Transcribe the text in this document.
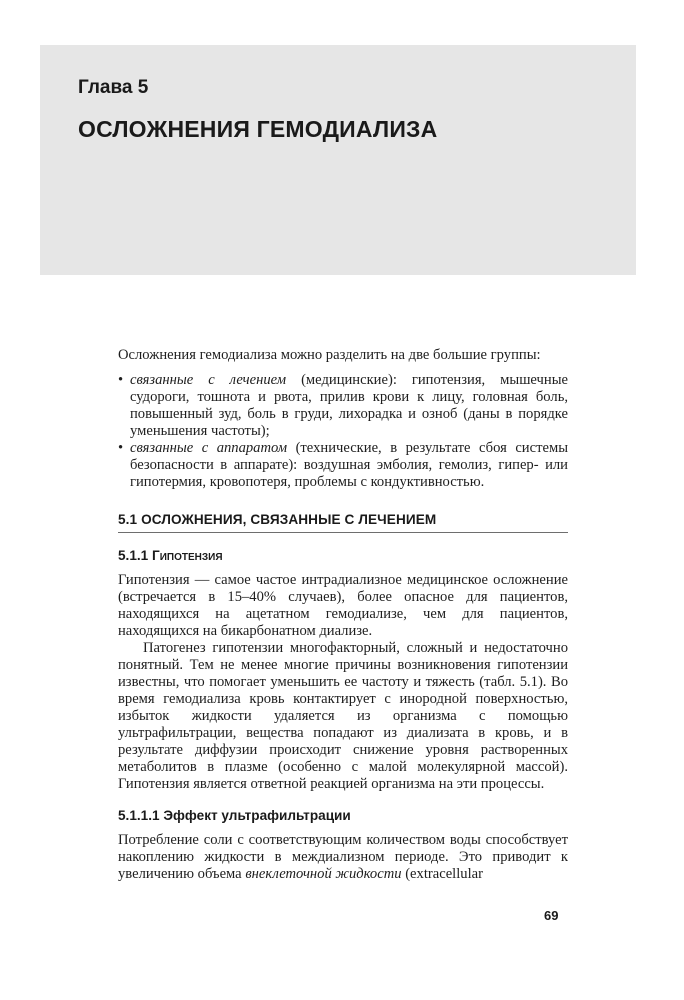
Глава 5
ОСЛОЖНЕНИЯ ГЕМОДИАЛИЗА

Осложнения гемодиализа можно разделить на две большие группы:

• связанные с лечением (медицинские): гипотензия, мышечные судороги, тошнота и рвота, прилив крови к лицу, головная боль, повышенный зуд, боль в груди, лихорадка и озноб (даны в порядке уменьшения частоты);
• связанные с аппаратом (технические, в результате сбоя системы безопасности в аппарате): воздушная эмболия, гемолиз, гипер- или гипотермия, кровопотеря, проблемы с кондуктивностью.
5.1 ОСЛОЖНЕНИЯ, СВЯЗАННЫЕ С ЛЕЧЕНИЕМ
5.1.1 Гипотензия

Гипотензия — самое частое интрадиализное медицинское осложнение (встречается в 15–40% случаев), более опасное для пациентов, находящихся на ацетатном гемодиализе, чем для пациентов, находящихся на бикарбонатном диализе.

Патогенез гипотензии многофакторный, сложный и недостаточно понятный. Тем не менее многие причины возникновения гипотензии известны, что помогает уменьшить ее частоту и тяжесть (табл. 5.1). Во время гемодиализа кровь контактирует с инородной поверхностью, избыток жидкости удаляется из организма с помощью ультрафильтрации, вещества попадают из диализата в кровь, и в результате диффузии происходит снижение уровня растворенных метаболитов в плазме (особенно с малой молекулярной массой). Гипотензия является ответной реакцией организма на эти процессы.

5.1.1.1 Эффект ультрафильтрации

Потребление соли с соответствующим количеством воды способствует накоплению жидкости в междиализном периоде. Это приводит к увеличению объема внеклеточной жидкости (extracellular

69
